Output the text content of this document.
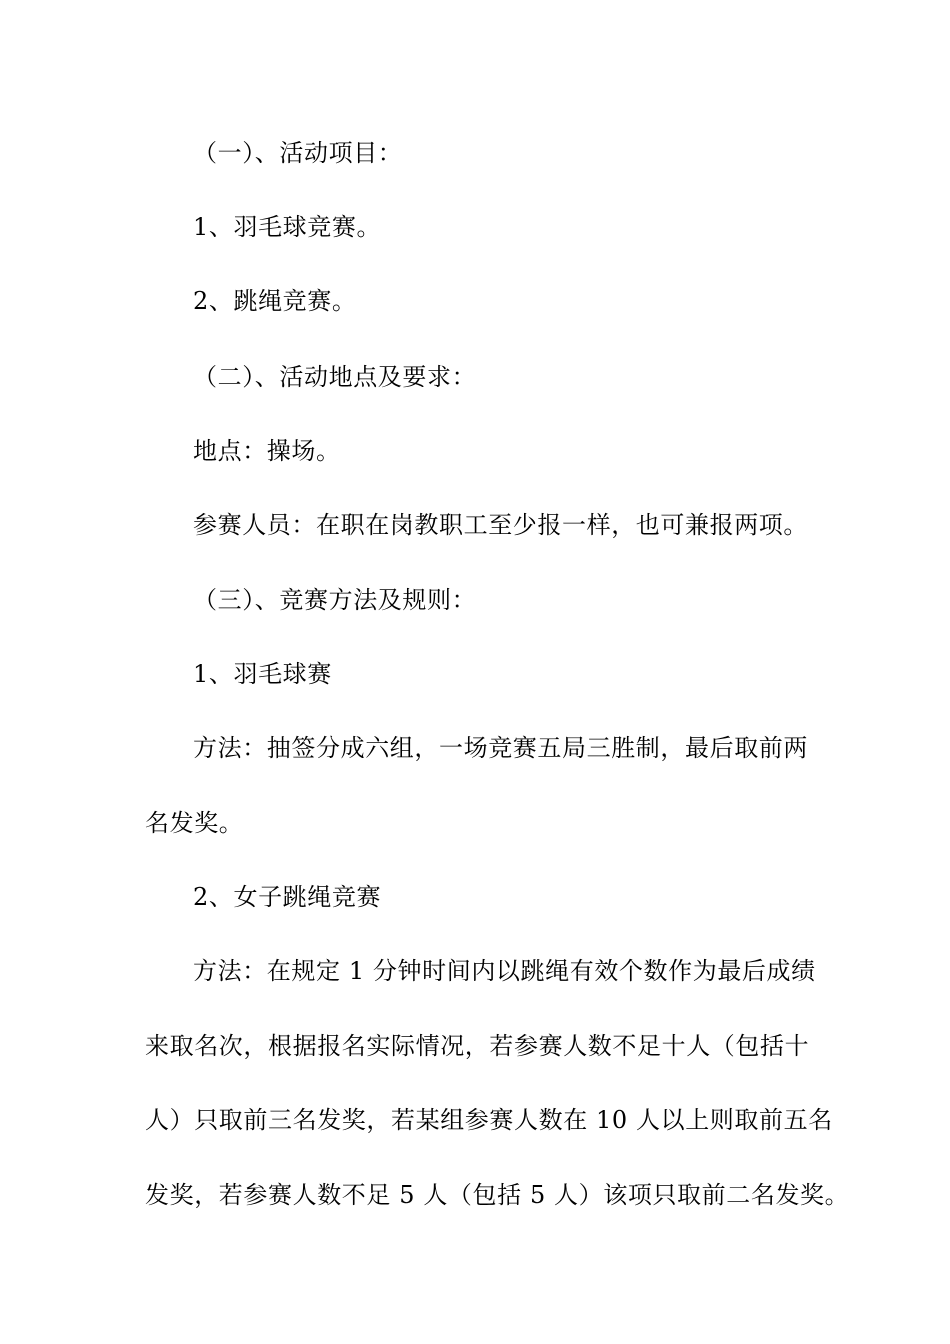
（一）、活动项目：
1、羽毛球竞赛。
2、跳绳竞赛。
（二）、活动地点及要求：
地点：操场。
参赛人员：在职在岗教职工至少报一样，也可兼报两项。
（三）、竞赛方法及规则：
1、羽毛球赛
方法：抽签分成六组，一场竞赛五局三胜制，最后取前两
名发奖。
2、女子跳绳竞赛
方法：在规定 1 分钟时间内以跳绳有效个数作为最后成绩
来取名次，根据报名实际情况，若参赛人数不足十人（包括十
人）只取前三名发奖，若某组参赛人数在 10 人以上则取前五名
发奖，若参赛人数不足 5 人（包括 5 人）该项只取前二名发奖。
